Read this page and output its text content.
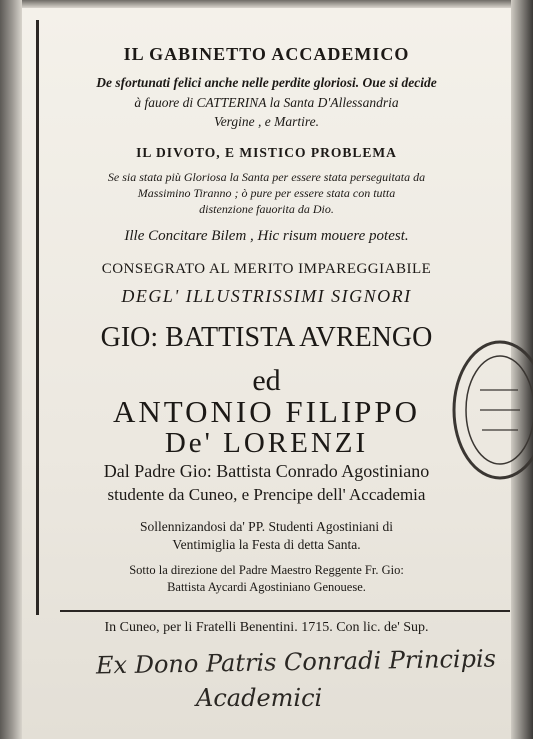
IL GABINETTO ACCADEMICO
De sfortunati felici anche nelle perdite gloriosi. Oue si decide
à fauore di CATTERINA la Santa D'Allessandria
Vergine , e Martire.
IL DIVOTO, E MISTICO PROBLEMA
Se sia stata più Gloriosa la Santa per essere stata perseguitata da
Massimino Tiranno ; ò pure per essere stata con tutta
distenzione fauorita da Dio.
Ille Concitare Bilem , Hic risum mouere potest.
CONSEGRATO AL MERITO IMPAREGGIABILE
DEGL' ILLUSTRISSIMI SIGNORI
GIO: BATTISTA AVRENGO
ed
ANTONIO FILIPPO
De' LORENZI
Dal Padre Gio: Battista Conrado Agostiniano
studente da Cuneo, e Prencipe dell' Accademia
Sollennizandosi da' PP. Studenti Agostiniani di
Ventimiglia la Festa di detta Santa.
Sotto la direzione del Padre Maestro Reggente Fr. Gio:
Battista Aycardi Agostiniano Genouese.
In Cuneo, per li Fratelli Benentini. 1715. Con lic. de' Sup.
Ex Dono Patris Conradi Principis
Academici
